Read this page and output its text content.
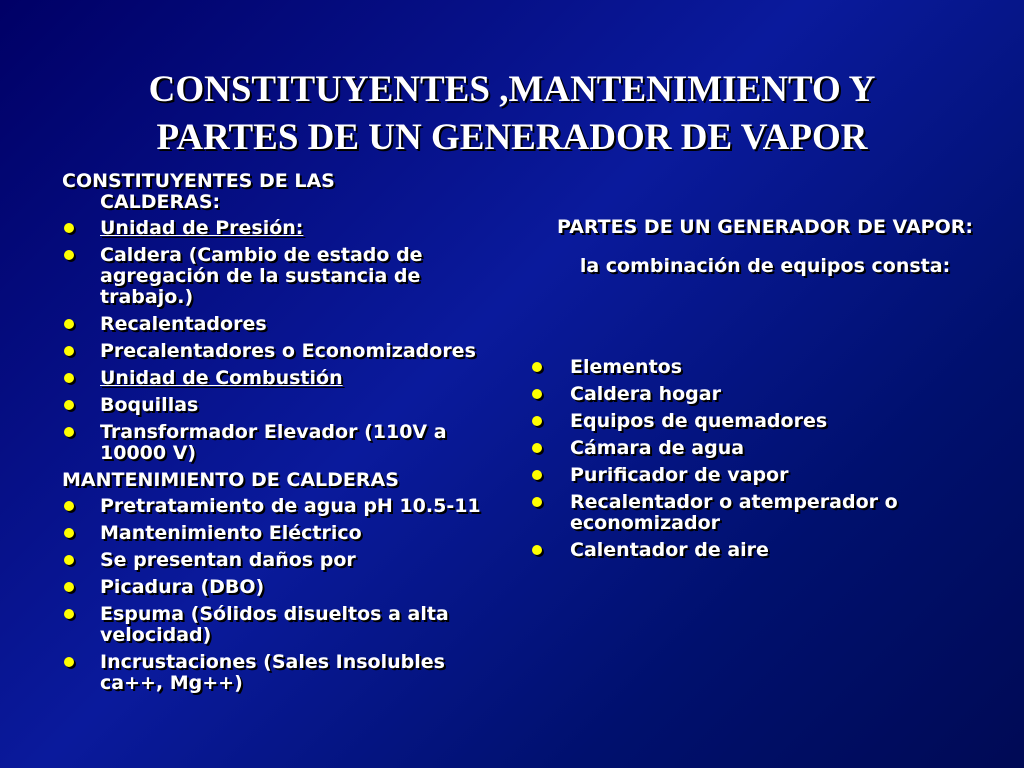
CONSTITUYENTES ,MANTENIMIENTO Y
PARTES DE UN GENERADOR DE VAPOR
CONSTITUYENTES DE LAS
CALDERAS:
Unidad de Presión:
Caldera (Cambio de estado de agregación de la sustancia de trabajo.)
Recalentadores
Precalentadores o Economizadores
Unidad de Combustión
Boquillas
Transformador Elevador (110V a 10000 V)
MANTENIMIENTO DE CALDERAS
Pretratamiento de agua pH 10.5-11
Mantenimiento Eléctrico
Se presentan daños por
Picadura (DBO)
Espuma (Sólidos disueltos a alta velocidad)
Incrustaciones (Sales Insolubles ca++, Mg++)
PARTES DE UN GENERADOR DE VAPOR:
la combinación de equipos consta:
Elementos
Caldera hogar
Equipos de quemadores
Cámara de agua
Purificador de vapor
Recalentador o atemperador o economizador
Calentador de aire
